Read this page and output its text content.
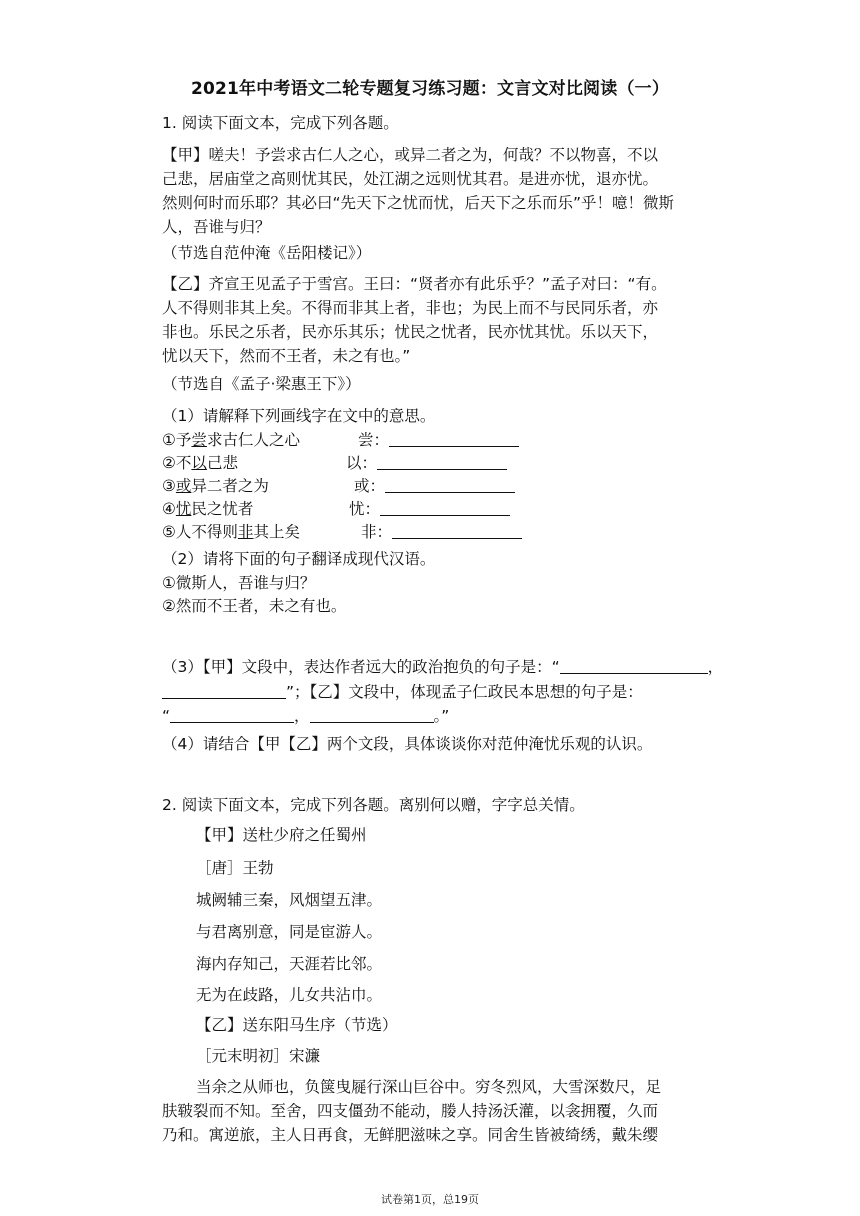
2021年中考语文二轮专题复习练习题：文言文对比阅读（一）
1. 阅读下面文本，完成下列各题。
【甲】嗟夫！予尝求古仁人之心，或异二者之为，何哉？不以物喜，不以
己悲，居庙堂之高则忧其民，处江湖之远则忧其君。是进亦忧，退亦忧。
然则何时而乐耶？其必曰“先天下之忧而忧，后天下之乐而乐”乎！噫！微斯
人，吾谁与归？
（节选自范仲淹《岳阳楼记》）
【乙】齐宣王见孟子于雪宫。王曰：“贤者亦有此乐乎？”孟子对曰：“有。
人不得则非其上矣。不得而非其上者，非也；为民上而不与民同乐者，亦
非也。乐民之乐者，民亦乐其乐；忧民之忧者，民亦忧其忧。乐以天下，
忧以天下，然而不王者，未之有也。”
（节选自《孟子·梁惠王下》）
（1）请解释下列画线字在文中的意思。
①予尝求古仁人之心	尝：
②不以己悲	以：
③或异二者之为	或：
④忧民之忧者	忧：
⑤人不得则非其上矣	非：
（2）请将下面的句子翻译成现代汉语。
①微斯人，吾谁与归？
②然而不王者，未之有也。
（3）【甲】文段中，表达作者远大的政治抱负的句子是：“	，
”；【乙】文段中，体现孟子仁政民本思想的句子是：
“	，	。”
（4）请结合【甲【乙】两个文段，具体谈谈你对范仲淹忧乐观的认识。
2. 阅读下面文本，完成下列各题。离别何以赠，字字总关情。
【甲】送杜少府之任蜀州
［唐］王勃
城阙辅三秦，风烟望五津。
与君离别意，同是宦游人。
海内存知己，天涯若比邻。
无为在歧路，儿女共沾巾。
【乙】送东阳马生序（节选）
［元末明初］宋濂
当余之从师也，负箧曳屣行深山巨谷中。穷冬烈风，大雪深数尺，足
肤皲裂而不知。至舍，四支僵劲不能动，媵人持汤沃灌，以衾拥覆，久而
乃和。寓逆旅，主人日再食，无鲜肥滋味之享。同舍生皆被绮绣，戴朱缨
试卷第1页，总19页
